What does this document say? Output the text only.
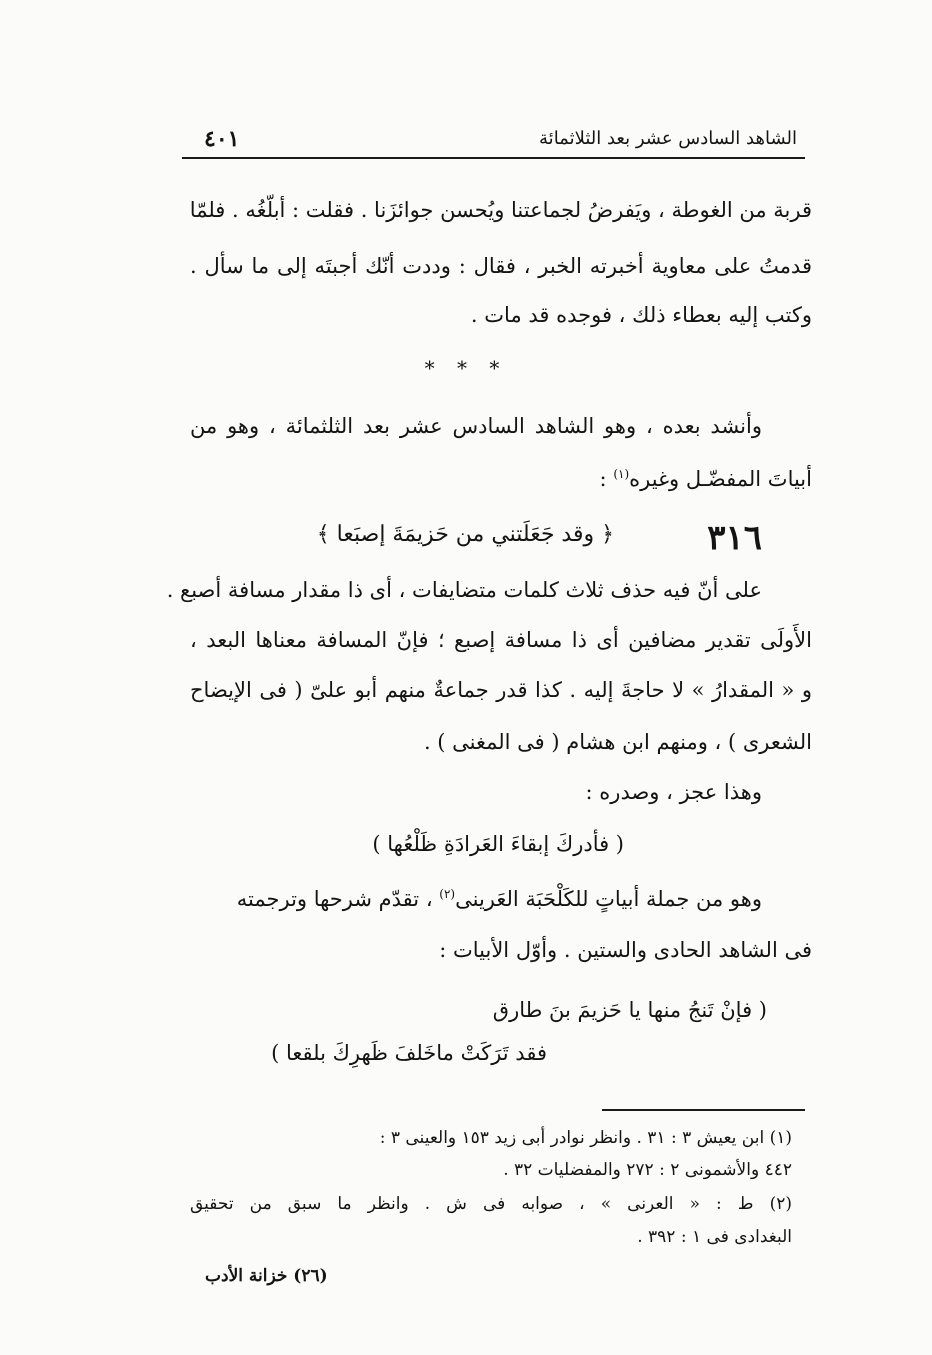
الشاهد السادس عشر بعد الثلاثمائة
٤٠١
قربة من الغوطة ، ويَفرضُ لجماعتنا ويُحسن جوائزَنا . فقلت : أبلّغُه . فلمّا
قدمتُ على معاوية أخبرته الخبر ، فقال : وددت أنّك أجبتَه إلى ما سأل .
وكتب إليه بعطاء ذلك ، فوجده قد مات .
* * *
وأنشد بعده ، وهو الشاهد السادس عشر بعد الثلثمائة ، وهو من
أبياتَ المفضّـل وغيره$^{(١)}$ :
٣١٦
﴿ وقد جَعَلَتني من حَزيمَةَ إصبَعا ﴾
على أنّ فيه حذف ثلاث كلمات متضايفات ، أى ذا مقدار مسافة أصبع .
الأَولَى تقدير مضافين أى ذا مسافة إصبع ؛ فإنّ المسافة معناها البعد ،
و « المقدارُ » لا حاجةَ إليه . كذا قدر جماعةٌ منهم أبو علىّ ( فى الإيضاح
الشعرى ) ، ومنهم ابن هشام ( فى المغنى ) .
وهذا عجز ، وصدره :
( فأدركَ إبقاءَ العَرادَةِ ظَلْعُها )
وهو من جملة أبياتٍ للكَلْحَبَة العَرينى$^{(٢)}$ ، تقدّم شرحها وترجمته
فى الشاهد الحادى والستين . وأوّل الأبيات :
( فإنْ تَنجُ منها يا حَزيمَ بنَ طارق
فقد تَرَكَتْ ماخَلفَ ظَهرِكَ بلقعا )
(١) ابن يعيش ٣ : ٣١ . وانظر نوادر أبى زيد ١٥٣ والعينى ٣ :
٤٤٢ والأشمونى ٢ : ٢٧٢ والمفضليات ٣٢ .
(٢) ط : « العرنى » ، صوابه فى ش . وانظر ما سبق من تحقيق
البغدادى فى ١ : ٣٩٢ .
(٢٦) خزانة الأدب
